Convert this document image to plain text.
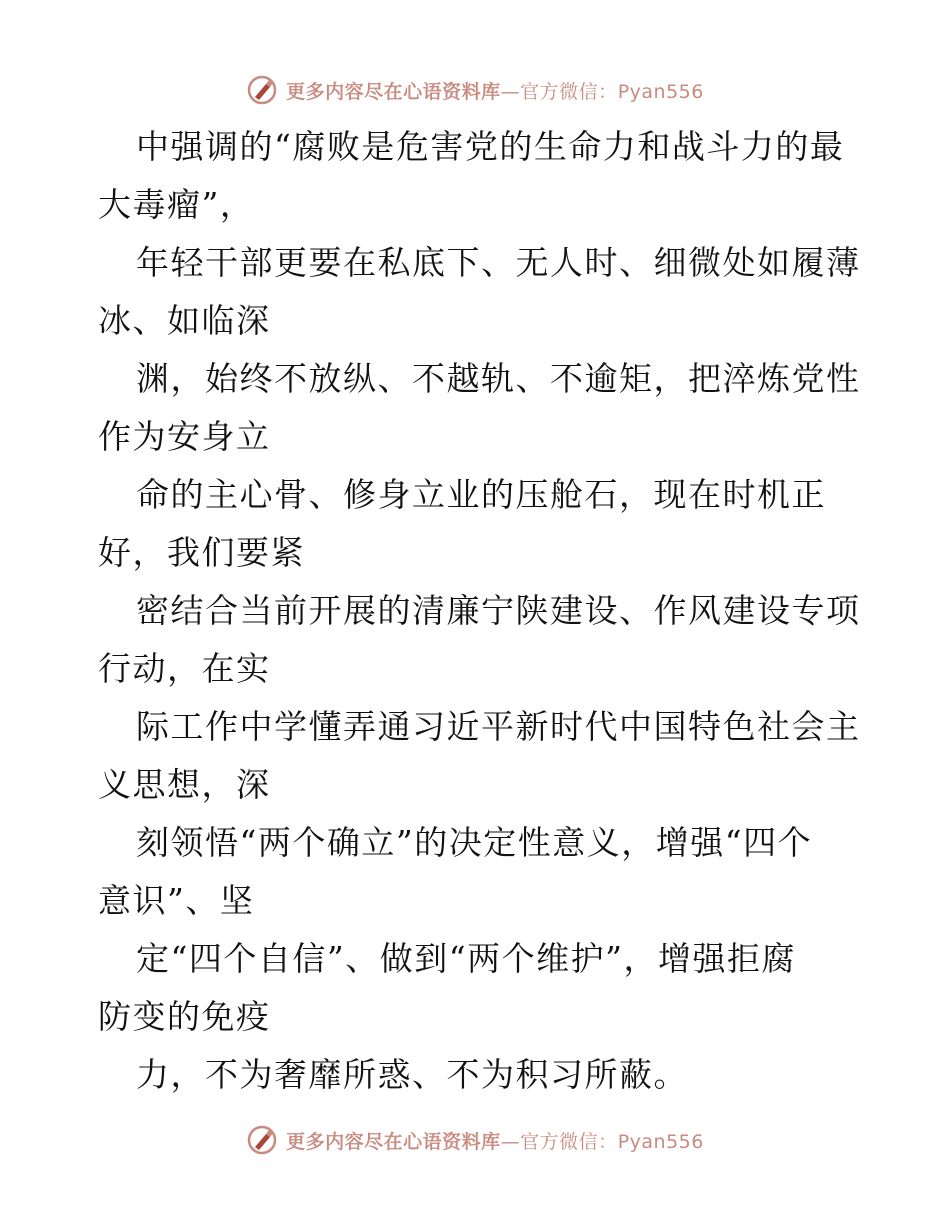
更多内容尽在心语资料库—官方微信：Pyan556
中强调的“腐败是危害党的生命力和战斗力的最
大毒瘤”，
年轻干部更要在私底下、无人时、细微处如履薄
冰、如临深
渊，始终不放纵、不越轨、不逾矩，把淬炼党性
作为安身立
命的主心骨、修身立业的压舱石，现在时机正
好，我们要紧
密结合当前开展的清廉宁陕建设、作风建设专项
行动，在实
际工作中学懂弄通习近平新时代中国特色社会主
义思想，深
刻领悟“两个确立”的决定性意义，增强“四个
意识”、坚
定“四个自信”、做到“两个维护”，增强拒腐
防变的免疫
力，不为奢靡所惑、不为积习所蔽。
更多内容尽在心语资料库—官方微信：Pyan556
